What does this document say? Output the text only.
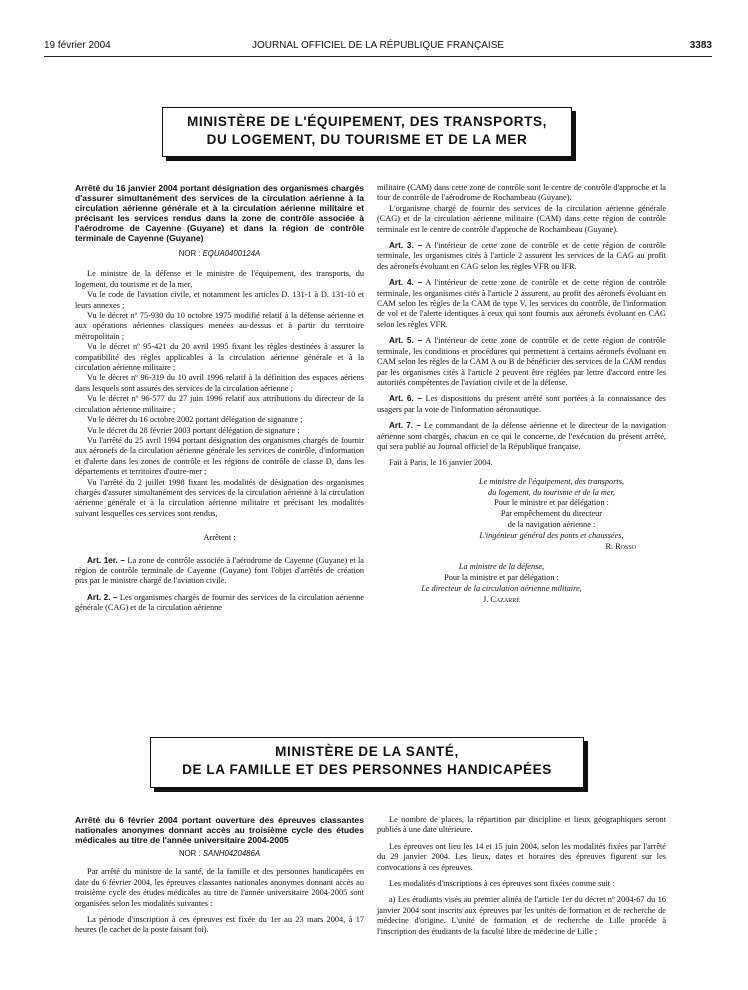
19 février 2004	JOURNAL OFFICIEL DE LA RÉPUBLIQUE FRANÇAISE	3383
MINISTÈRE DE L'ÉQUIPEMENT, DES TRANSPORTS,
DU LOGEMENT, DU TOURISME ET DE LA MER
Arrêté du 16 janvier 2004 portant désignation des organismes chargés d'assurer simultanément des services de la circulation aérienne à la circulation aérienne générale et à la circulation aérienne militaire et précisant les services rendus dans la zone de contrôle associée à l'aérodrome de Cayenne (Guyane) et dans la région de contrôle terminale de Cayenne (Guyane)
NOR : EQUA0400124A

Le ministre de la défense et le ministre de l'équipement, des transports, du logement, du tourisme et de la mer,

Vu le code de l'aviation civile, et notamment les articles D. 131-1 à D. 131-10 et leurs annexes ;

Vu le décret nº 75-930 du 10 octobre 1975 modifié relatif à la défense aérienne et aux opérations aériennes classiques menées au-dessus et à partir du territoire métropolitain ;

Vu le décret nº 95-421 du 20 avril 1995 fixant les règles destinées à assurer la compatibilité des règles applicables à la circulation aérienne générale et à la circulation aérienne militaire ;

Vu le décret nº 96-319 du 10 avril 1996 relatif à la définition des espaces aériens dans lesquels sont assurés des services de la circulation aérienne ;

Vu le décret nº 96-577 du 27 juin 1996 relatif aux attributions du directeur de la circulation aérienne militaire ;

Vu le décret du 16 octobre 2002 portant délégation de signature ;

Vu le décret du 28 février 2003 portant délégation de signature ;

Vu l'arrêté du 25 avril 1994 portant désignation des organismes chargés de fournir aux aéronefs de la circulation aérienne générale les services de contrôle, d'information et d'alerte dans les zones de contrôle et les régions de contrôle de classe D, dans les départements et territoires d'outre-mer ;

Vu l'arrêté du 2 juillet 1998 fixant les modalités de désignation des organismes chargés d'assurer simultanément des services de la circulation aérienne à la circulation aérienne générale et à la circulation aérienne militaire et précisant les modalités suivant lesquelles ces services sont rendus,

Arrêtent :

Art. 1er. – La zone de contrôle associée à l'aérodrome de Cayenne (Guyane) et la région de contrôle terminale de Cayenne (Guyane) font l'objet d'arrêtés de création pris par le ministre chargé de l'aviation civile.

Art. 2. – Les organismes chargés de fournir des services de la circulation aérienne générale (CAG) et de la circulation aérienne

militaire (CAM) dans cette zone de contrôle sont le centre de contrôle d'approche et la tour de contrôle de l'aérodrome de Rochambeau (Guyane).

L'organisme chargé de fournir des services de la circulation aérienne générale (CAG) et de la circulation aérienne militaire (CAM) dans cette région de contrôle terminale est le centre de contrôle d'approche de Rochambeau (Guyane).

Art. 3. – A l'intérieur de cette zone de contrôle et de cette région de contrôle terminale, les organismes cités à l'article 2 assurent les services de la CAG au profit des aéronefs évoluant en CAG selon les règles VFR ou IFR.

Art. 4. – A l'intérieur de cette zone de contrôle et de cette région de contrôle terminale, les organismes cités à l'article 2 assurent, au profit des aéronefs évoluant en CAM selon les règles de la CAM de type V, les services du contrôle, de l'information de vol et de l'alerte identiques à ceux qui sont fournis aux aéronefs évoluant en CAG selon les règles VFR.

Art. 5. – A l'intérieur de cette zone de contrôle et de cette région de contrôle terminale, les conditions et procédures qui permettent à certains aéronefs évoluant en CAM selon les règles de la CAM A ou B de bénéficier des services de la CAM rendus par les organismes cités à l'article 2 peuvent être réglées par lettre d'accord entre les autorités compétentes de l'aviation civile et de la défense.

Art. 6. – Les dispositions du présent arrêté sont portées à la connaissance des usagers par la voie de l'information aéronautique.

Art. 7. – Le commandant de la défense aérienne et le directeur de la navigation aérienne sont chargés, chacun en ce qui le concerne, de l'exécution du présent arrêté, qui sera publié au Journal officiel de la République française.

Fait à Paris, le 16 janvier 2004.

Le ministre de l'équipement, des transports,
du logement, du tourisme et de la mer,
Pour le ministre et par délégation :
Par empêchement du directeur
de la navigation aérienne :
L'ingénieur général des ponts et chaussées,
R. Rosso
La ministre de la défense,
Pour la ministre et par délégation :
Le directeur de la circulation aérienne militaire,
J. Cazarré
MINISTÈRE DE LA SANTÉ,
DE LA FAMILLE ET DES PERSONNES HANDICAPÉES
Arrêté du 6 février 2004 portant ouverture des épreuves classantes nationales anonymes donnant accès au troisième cycle des études médicales au titre de l'année universitaire 2004-2005
NOR : SANH0420486A

Par arrêté du ministre de la santé, de la famille et des personnes handicapées en date du 6 février 2004, les épreuves classantes nationales anonymes donnant accès au troisième cycle des études médicales au titre de l'année universitaire 2004-2005 sont organisées selon les modalités suivantes :

La période d'inscription à ces épreuves est fixée du 1er au 23 mars 2004, à 17 heures (le cachet de la poste faisant foi).

Le nombre de places, la répartition par discipline et lieux géographiques seront publiés à une date ultérieure.

Les épreuves ont lieu les 14 et 15 juin 2004, selon les modalités fixées par l'arrêté du 29 janvier 2004. Les lieux, dates et horaires des épreuves figurent sur les convocations à ces épreuves.

Les modalités d'inscriptions à ces épreuves sont fixées comme suit :

a) Les étudiants visés au premier alinéa de l'article 1er du décret nº 2004-67 du 16 janvier 2004 sont inscrits aux épreuves par les unités de formation et de recherche de médecine d'origine. L'unité de formation et de recherche de Lille procède à l'inscription des étudiants de la faculté libre de médecine de Lille ;
